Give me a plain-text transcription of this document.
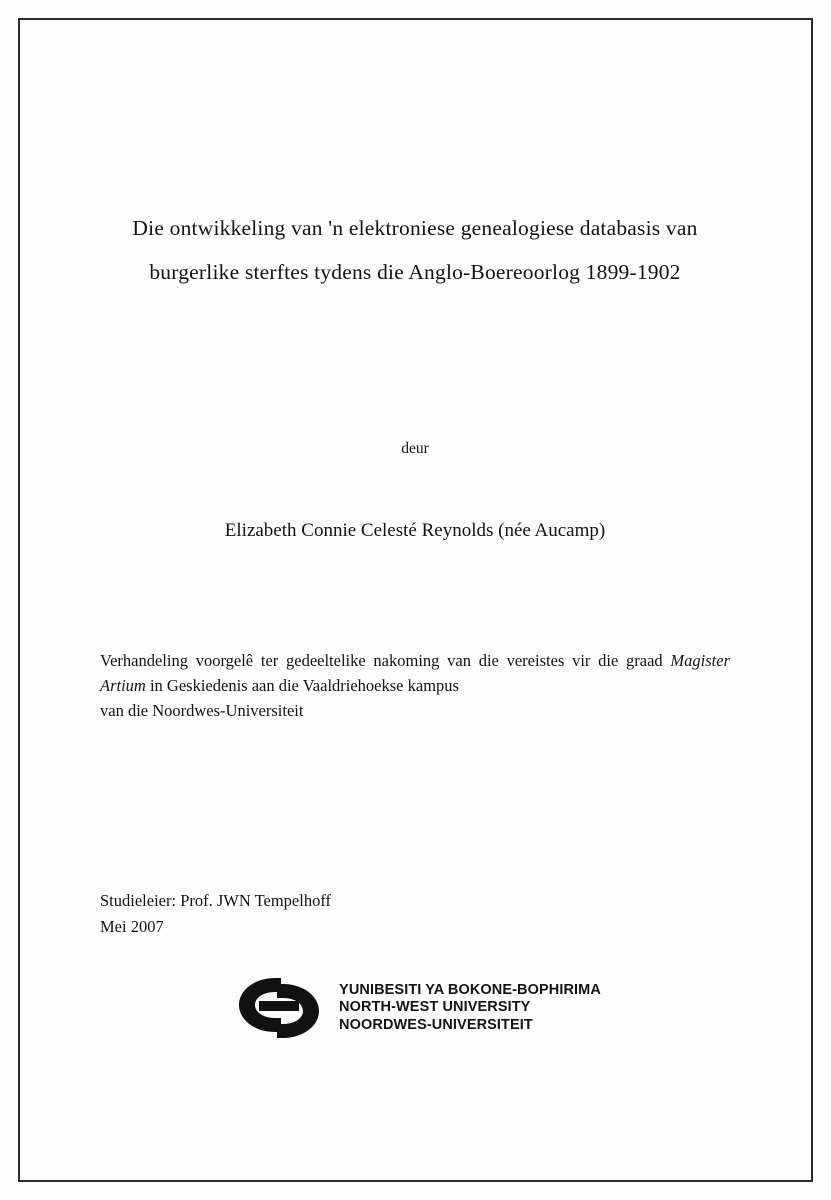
Die ontwikkeling van 'n elektroniese genealogiese databasis van
burgerlike sterftes tydens die Anglo-Boereoorlog 1899-1902
deur
Elizabeth Connie Celesté Reynolds (née Aucamp)

Verhandeling voorgelê ter gedeeltelike nakoming van die vereistes vir die graad Magister Artium in Geskiedenis aan die Vaaldriehoekse kampus

van die Noordwes-Universiteit

Studieleier: Prof. JWN Tempelhoff

Mei 2007

YUNIBESITI YA BOKONE-BOPHIRIMA
NORTH-WEST UNIVERSITY
NOORDWES-UNIVERSITEIT
